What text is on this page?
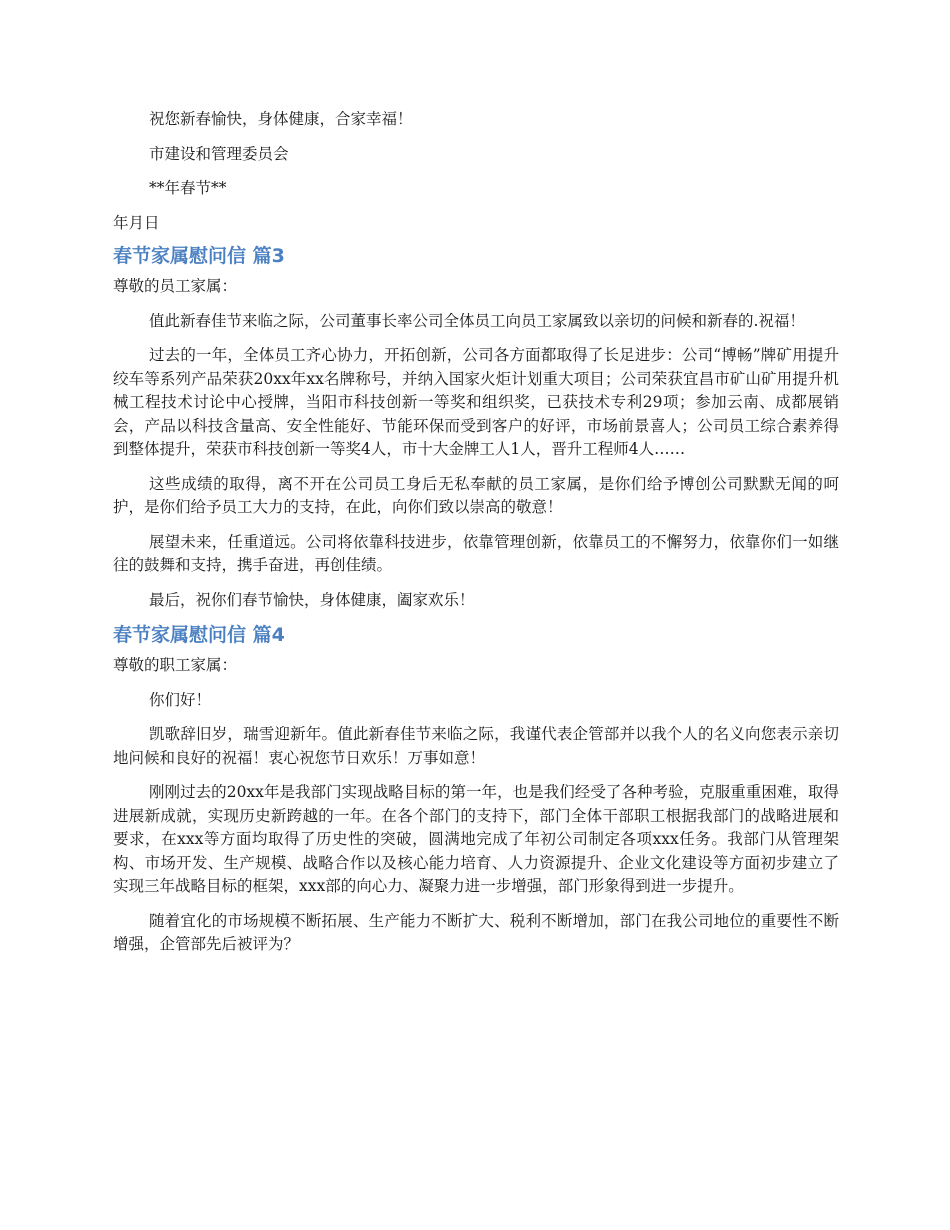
祝您新春愉快，身体健康，合家幸福！

市建设和管理委员会

**年春节**

年月日

春节家属慰问信 篇3

尊敬的员工家属：

值此新春佳节来临之际，公司董事长率公司全体员工向员工家属致以亲切的问候和新春的.祝福！

过去的一年，全体员工齐心协力，开拓创新，公司各方面都取得了长足进步：公司“博畅”牌矿用提升绞车等系列产品荣获20xx年xx名牌称号，并纳入国家火炬计划重大项目；公司荣获宜昌市矿山矿用提升机械工程技术讨论中心授牌，当阳市科技创新一等奖和组织奖，已获技术专利29项；参加云南、成都展销会，产品以科技含量高、安全性能好、节能环保而受到客户的好评，市场前景喜人；公司员工综合素养得到整体提升，荣获市科技创新一等奖4人，市十大金牌工人1人，晋升工程师4人……

这些成绩的取得，离不开在公司员工身后无私奉献的员工家属，是你们给予博创公司默默无闻的呵护，是你们给予员工大力的支持，在此，向你们致以崇高的敬意！

展望未来，任重道远。公司将依靠科技进步，依靠管理创新，依靠员工的不懈努力，依靠你们一如继往的鼓舞和支持，携手奋进，再创佳绩。

最后，祝你们春节愉快，身体健康，阖家欢乐！

春节家属慰问信 篇4

尊敬的职工家属：

你们好！

凯歌辞旧岁，瑞雪迎新年。值此新春佳节来临之际，我谨代表企管部并以我个人的名义向您表示亲切地问候和良好的祝福！衷心祝您节日欢乐！万事如意！

刚刚过去的20xx年是我部门实现战略目标的第一年，也是我们经受了各种考验，克服重重困难，取得进展新成就，实现历史新跨越的一年。在各个部门的支持下，部门全体干部职工根据我部门的战略进展和要求，在xxx等方面均取得了历史性的突破，圆满地完成了年初公司制定各项xxx任务。我部门从管理架构、市场开发、生产规模、战略合作以及核心能力培育、人力资源提升、企业文化建设等方面初步建立了实现三年战略目标的框架，xxx部的向心力、凝聚力进一步增强，部门形象得到进一步提升。

随着宜化的市场规模不断拓展、生产能力不断扩大、税利不断增加，部门在我公司地位的重要性不断增强，企管部先后被评为？
